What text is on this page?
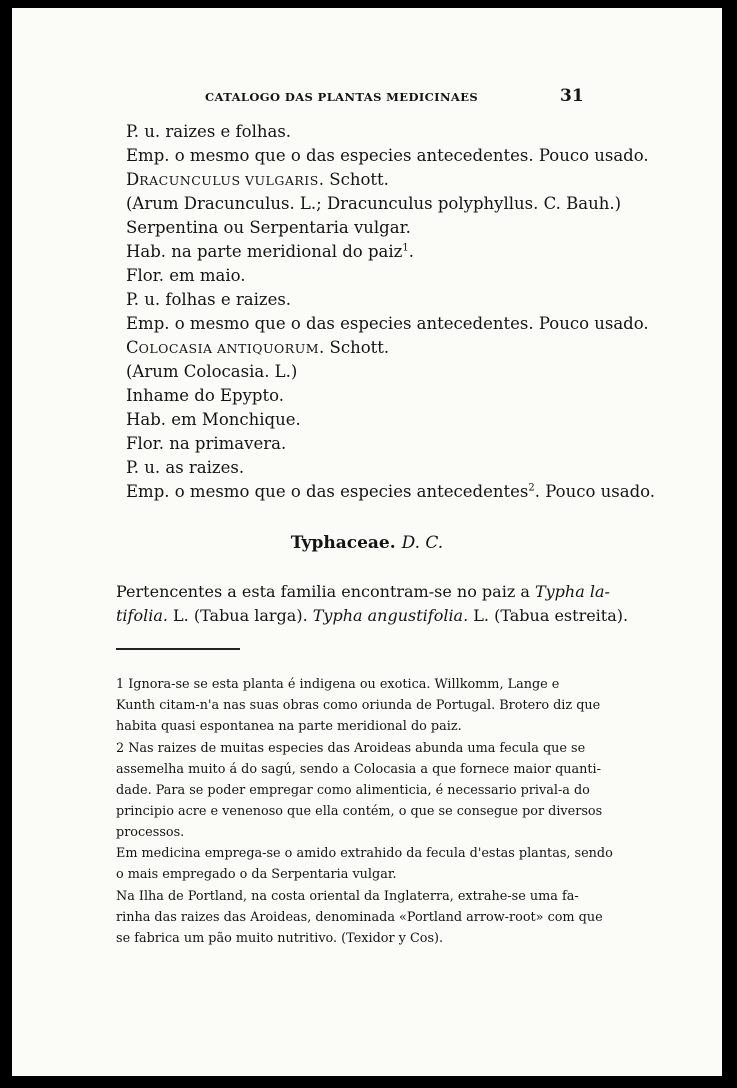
CATALOGO DAS PLANTAS MEDICINAES	31
P. u. raizes e folhas.
Emp. o mesmo que o das especies antecedentes. Pouco usado.
DRACUNCULUS VULGARIS. Schott.
(Arum Dracunculus. L.; Dracunculus polyphyllus. C. Bauh.)
Serpentina ou Serpentaria vulgar.
Hab. na parte meridional do paiz$^1$.
Flor. em maio.
P. u. folhas e raizes.
Emp. o mesmo que o das especies antecedentes. Pouco usado.
COLOCASIA ANTIQUORUM. Schott.
(Arum Colocasia. L.)
Inhame do Epypto.
Hab. em Monchique.
Flor. na primavera.
P. u. as raizes.
Emp. o mesmo que o das especies antecedentes$^2$. Pouco usado.
Typhaceae. D. C.
Pertencentes a esta familia encontram-se no paiz a Typha la-
tifolia. L. (Tabua larga). Typha angustifolia. L. (Tabua estreita).
1 Ignora-se se esta planta é indigena ou exotica. Willkomm, Lange e
Kunth citam-n'a nas suas obras como oriunda de Portugal. Brotero diz que
habita quasi espontanea na parte meridional do paiz.
2 Nas raizes de muitas especies das Aroideas abunda uma fecula que se
assemelha muito á do sagú, sendo a Colocasia a que fornece maior quanti-
dade. Para se poder empregar como alimenticia, é necessario prival-a do
principio acre e venenoso que ella contém, o que se consegue por diversos
processos.
Em medicina emprega-se o amido extrahido da fecula d'estas plantas, sendo
o mais empregado o da Serpentaria vulgar.
Na Ilha de Portland, na costa oriental da Inglaterra, extrahe-se uma fa-
rinha das raizes das Aroideas, denominada «Portland arrow-root» com que
se fabrica um pão muito nutritivo. (Texidor y Cos).
